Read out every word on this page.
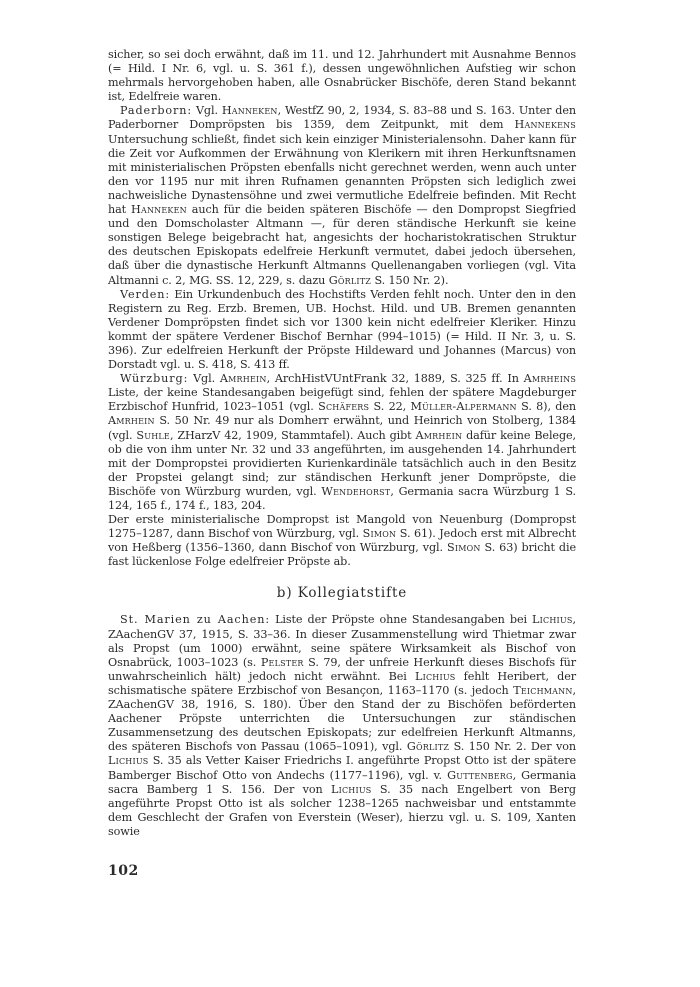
sicher, so sei doch erwähnt, daß im 11. und 12. Jahrhundert mit Ausnahme Bennos (= Hild. I Nr. 6, vgl. u. S. 361 f.), dessen ungewöhnlichen Aufstieg wir schon mehrmals hervorgehoben haben, alle Osnabrücker Bischöfe, deren Stand bekannt ist, Edelfreie waren.

Paderborn: Vgl. Hanneken, WestfZ 90, 2, 1934, S. 83–88 und S. 163. Unter den Paderborner Dompröpsten bis 1359, dem Zeitpunkt, mit dem Hannekens Untersuchung schließt, findet sich kein einziger Ministerialensohn. Daher kann für die Zeit vor Aufkommen der Erwähnung von Klerikern mit ihren Herkunftsnamen mit ministerialischen Pröpsten ebenfalls nicht gerechnet werden, wenn auch unter den vor 1195 nur mit ihren Rufnamen genannten Pröpsten sich lediglich zwei nachweisliche Dynastensöhne und zwei vermutliche Edelfreie befinden. Mit Recht hat Hanneken auch für die beiden späteren Bischöfe — den Dompropst Siegfried und den Domscholaster Altmann —, für deren ständische Herkunft sie keine sonstigen Belege beigebracht hat, angesichts der hocharistokratischen Struktur des deutschen Episkopats edelfreie Herkunft vermutet, dabei jedoch übersehen, daß über die dynastische Herkunft Altmanns Quellenangaben vorliegen (vgl. Vita Altmanni c. 2, MG. SS. 12, 229, s. dazu Görlitz S. 150 Nr. 2).

Verden: Ein Urkundenbuch des Hochstifts Verden fehlt noch. Unter den in den Registern zu Reg. Erzb. Bremen, UB. Hochst. Hild. und UB. Bremen genannten Verdener Dompröpsten findet sich vor 1300 kein nicht edelfreier Kleriker. Hinzu kommt der spätere Verdener Bischof Bernhar (994–1015) (= Hild. II Nr. 3, u. S. 396). Zur edelfreien Herkunft der Pröpste Hildeward und Johannes (Marcus) von Dorstadt vgl. u. S. 418, S. 413 ff.

Würzburg: Vgl. Amrhein, ArchHistVUntFrank 32, 1889, S. 325 ff. In Amrheins Liste, der keine Standesangaben beigefügt sind, fehlen der spätere Magdeburger Erzbischof Hunfrid, 1023–1051 (vgl. Schäfers S. 22, Müller-Alpermann S. 8), den Amrhein S. 50 Nr. 49 nur als Domherr erwähnt, und Heinrich von Stolberg, 1384 (vgl. Suhle, ZHarzV 42, 1909, Stammtafel). Auch gibt Amrhein dafür keine Belege, ob die von ihm unter Nr. 32 und 33 angeführten, im ausgehenden 14. Jahrhundert mit der Dompropstei providierten Kurienkardinäle tatsächlich auch in den Besitz der Propstei gelangt sind; zur ständischen Herkunft jener Dompröpste, die Bischöfe von Würzburg wurden, vgl. Wendehorst, Germania sacra Würzburg 1 S. 124, 165 f., 174 f., 183, 204.

Der erste ministerialische Dompropst ist Mangold von Neuenburg (Dompropst 1275–1287, dann Bischof von Würzburg, vgl. Simon S. 61). Jedoch erst mit Albrecht von Heßberg (1356–1360, dann Bischof von Würzburg, vgl. Simon S. 63) bricht die fast lückenlose Folge edelfreier Pröpste ab.

b) Kollegiatstifte

St. Marien zu Aachen: Liste der Pröpste ohne Standesangaben bei Lichius, ZAachenGV 37, 1915, S. 33–36. In dieser Zusammenstellung wird Thietmar zwar als Propst (um 1000) erwähnt, seine spätere Wirksamkeit als Bischof von Osnabrück, 1003–1023 (s. Pelster S. 79, der unfreie Herkunft dieses Bischofs für unwahrscheinlich hält) jedoch nicht erwähnt. Bei Lichius fehlt Heribert, der schismatische spätere Erzbischof von Besançon, 1163–1170 (s. jedoch Teichmann, ZAachenGV 38, 1916, S. 180). Über den Stand der zu Bischöfen beförderten Aachener Pröpste unterrichten die Untersuchungen zur ständischen Zusammensetzung des deutschen Episkopats; zur edelfreien Herkunft Altmanns, des späteren Bischofs von Passau (1065–1091), vgl. Görlitz S. 150 Nr. 2. Der von Lichius S. 35 als Vetter Kaiser Friedrichs I. angeführte Propst Otto ist der spätere Bamberger Bischof Otto von Andechs (1177–1196), vgl. v. Guttenberg, Germania sacra Bamberg 1 S. 156. Der von Lichius S. 35 nach Engelbert von Berg angeführte Propst Otto ist als solcher 1238–1265 nachweisbar und entstammte dem Geschlecht der Grafen von Everstein (Weser), hierzu vgl. u. S. 109, Xanten sowie

102
